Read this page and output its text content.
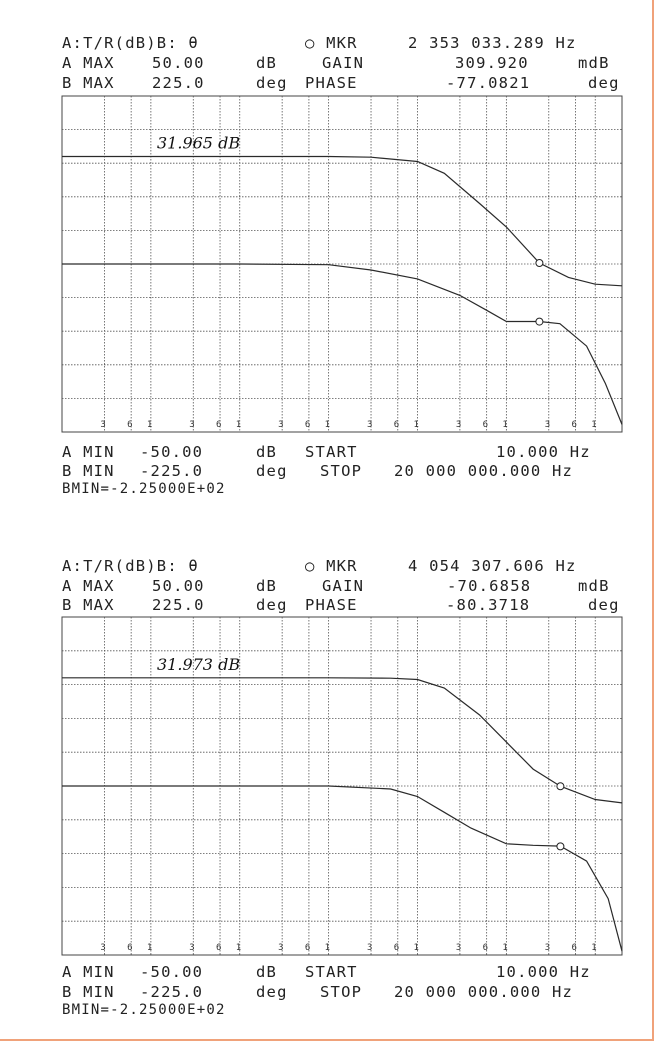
A:T/R(dB)B: θ	○ MKR	2 353 033.289 Hz
A MAX 50.00	dB	GAIN	309.920	mdB
B MAX 225.0	deg PHASE	-77.0821	deg
A MIN -50.00	dB START	10.000 Hz
B MIN -225.0	deg STOP 20 000 000.000 Hz
BMIN=-2.25000E+02
A:T/R(dB)B: θ	○ MKR	4 054 307.606 Hz
A MAX 50.00	dB	GAIN	-70.6858	mdB
B MAX 225.0	deg PHASE	-80.3718	deg
A MIN -50.00	dB START	10.000 Hz
B MIN -225.0	deg STOP 20 000 000.000 Hz
BMIN=-2.25000E+02
3 6 1	3 6 1	3 6 1	3 6 1	3 6 1	3 6 1
31.965 dB
3 6 1	3 6 1	3 6 1	3 6 1	3 6 1	3 6 1
31.973 dB
